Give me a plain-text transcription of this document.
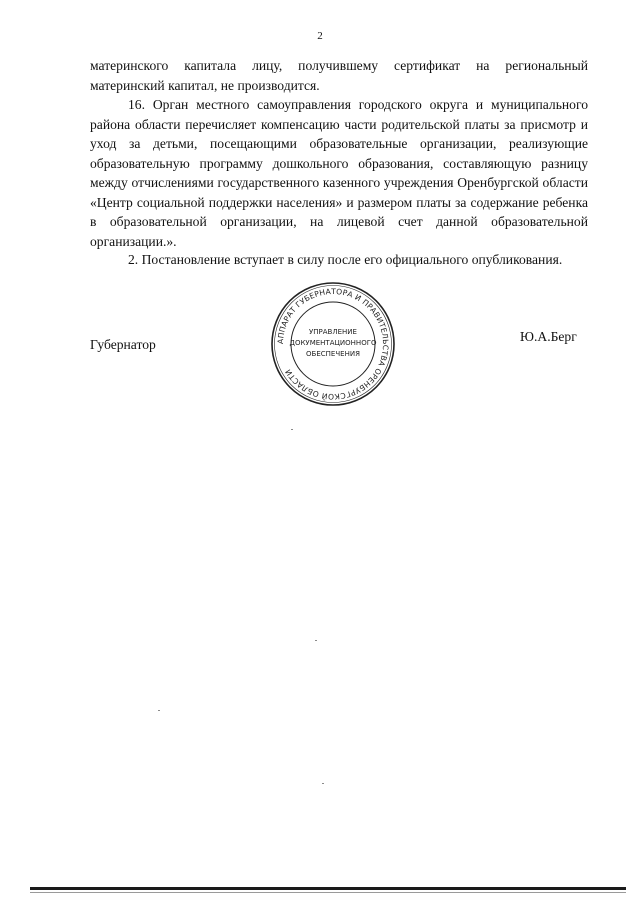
2

материнского капитала лицу, получившему сертификат на региональный материнский капитал, не производится.

16. Орган местного самоуправления городского округа и муниципального района области перечисляет компенсацию части родительской платы за присмотр и уход за детьми, посещающими образовательные организации, реализующие образовательную программу дошкольного образования, составляющую разницу между отчислениями государственного казенного учреждения Оренбургской области «Центр социальной поддержки населения» и размером платы за содержание ребенка в образовательной организации, на лицевой счет данной образовательной организации.».

2. Постановление вступает в силу после его официального опубликования.

Губернатор	АППАРАТ ГУБЕРНАТОРА И ПРАВИТЕЛЬСТВА ОРЕНБУРГСКОЙ ОБЛАСТИ
УПРАВЛЕНИЕ
ДОКУМЕНТАЦИОННОГО
ОБЕСПЕЧЕНИЯ
Ю.А.Берг
